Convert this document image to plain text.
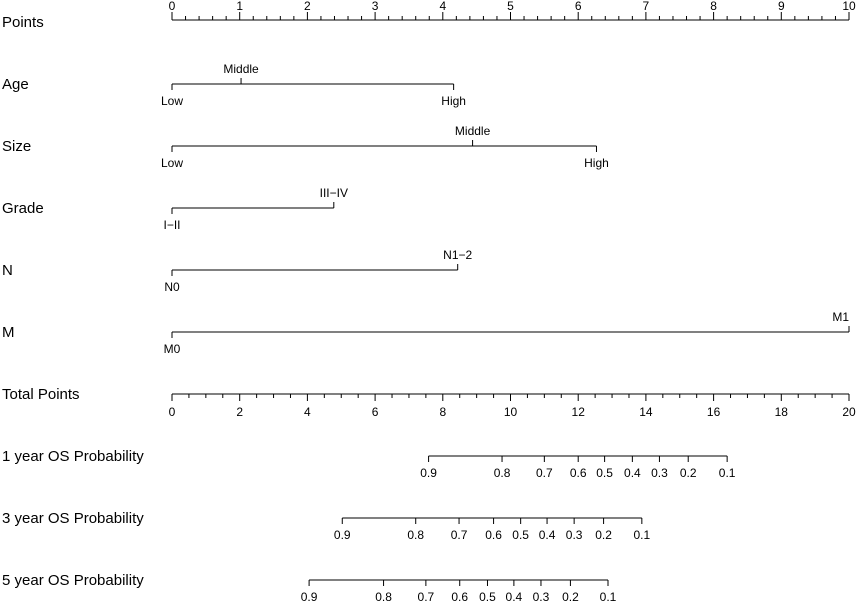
Points
0	1	2	3	4	5	6	7	8	9	10
Age
Low
Middle
High
Size
Low
Middle
High
Grade
I−II
III−IV
N
N0
N1−2
M
M0
M1
Total Points
0	2	4	6	8	10	12	14	16	18	20
1 year OS Probability
0.9	0.8 0.7 0.6 0.5 0.4 0.3 0.2 0.1
3 year OS Probability
0.9	0.8 0.7 0.6 0.5 0.4 0.3 0.2 0.1
5 year OS Probability
0.9	0.8 0.7 0.6 0.5 0.4 0.3 0.2 0.1
